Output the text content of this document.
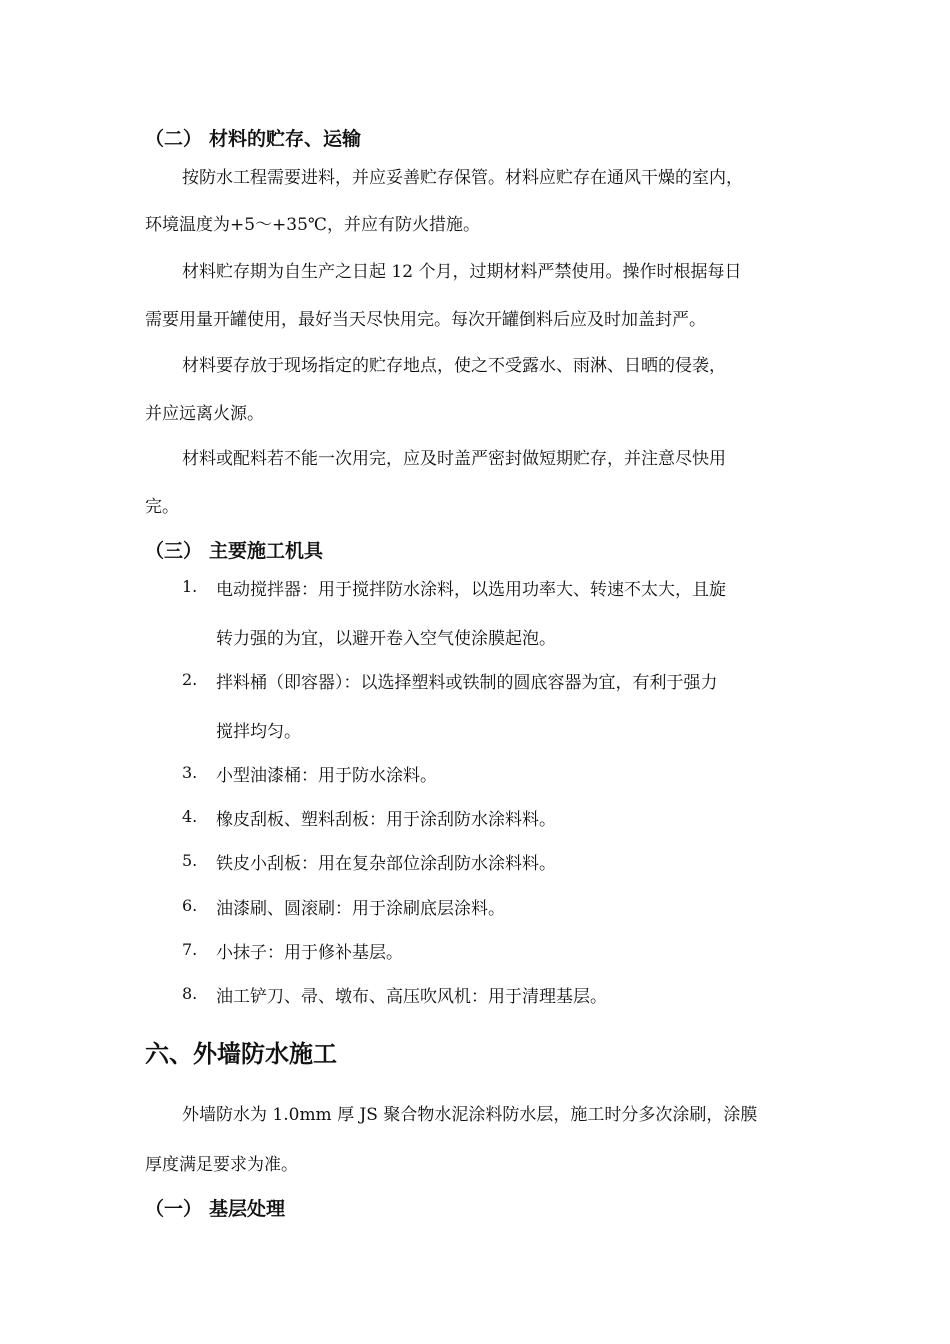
（二） 材料的贮存、运输
按防水工程需要进料，并应妥善贮存保管。材料应贮存在通风干燥的室内，
环境温度为+5～+35℃，并应有防火措施。
材料贮存期为自生产之日起 12 个月，过期材料严禁使用。操作时根据每日
需要用量开罐使用，最好当天尽快用完。每次开罐倒料后应及时加盖封严。
材料要存放于现场指定的贮存地点，使之不受露水、雨淋、日晒的侵袭，
并应远离火源。
材料或配料若不能一次用完，应及时盖严密封做短期贮存，并注意尽快用
完。
（三） 主要施工机具
1. 电动搅拌器：用于搅拌防水涂料，以选用功率大、转速不太大，且旋
转力强的为宜，以避开卷入空气使涂膜起泡。
2. 拌料桶（即容器）：以选择塑料或铁制的圆底容器为宜，有利于强力
搅拌均匀。
3. 小型油漆桶：用于防水涂料。
4. 橡皮刮板、塑料刮板：用于涂刮防水涂料料。
5. 铁皮小刮板：用在复杂部位涂刮防水涂料料。
6. 油漆刷、圆滚刷：用于涂刷底层涂料。
7. 小抹子：用于修补基层。
8. 油工铲刀、帚、墩布、高压吹风机：用于清理基层。
六、外墙防水施工
外墙防水为 1.0mm 厚 JS 聚合物水泥涂料防水层，施工时分多次涂刷，涂膜
厚度满足要求为准。
（一） 基层处理
